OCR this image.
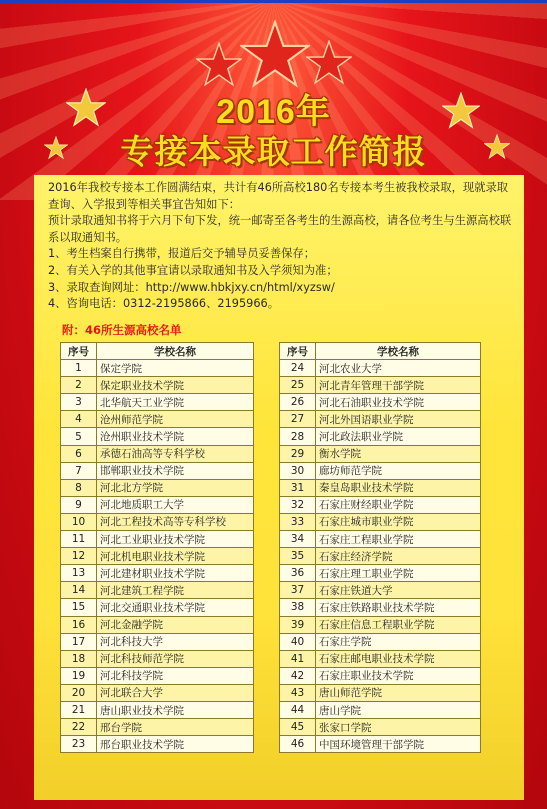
2016年
专接本录取工作简报

2016年我校专接本工作圆满结束，共计有46所高校180名专接本考生被我校录取，现就录取查询、入学报到等相关事宜告知如下：

预计录取通知书将于六月下旬下发，统一邮寄至各考生的生源高校，请各位考生与生源高校联系以取通知书。

1、考生档案自行携带，报道后交予辅导员妥善保存；

2、有关入学的其他事宜请以录取通知书及入学须知为准；

3、录取查询网址：http://www.hbkjxy.cn/html/xyzsw/

4、咨询电话：0312-2195866、2195966。

附：46所生源高校名单
序号	学校名称
1	保定学院
2	保定职业技术学院
3	北华航天工业学院
4	沧州师范学院
5	沧州职业技术学院
6	承德石油高等专科学校
7	邯郸职业技术学院
8	河北北方学院
9	河北地质职工大学
10	河北工程技术高等专科学校
11	河北工业职业技术学院
12	河北机电职业技术学院
13	河北建材职业技术学院
14	河北建筑工程学院
15	河北交通职业技术学院
16	河北金融学院
17	河北科技大学
18	河北科技师范学院
19	河北科技学院
20	河北联合大学
21	唐山职业技术学院
22	邢台学院
23	邢台职业技术学院
序号	学校名称
24	河北农业大学
25	河北青年管理干部学院
26	河北石油职业技术学院
27	河北外国语职业学院
28	河北政法职业学院
29	衡水学院
30	廊坊师范学院
31	秦皇岛职业技术学院
32	石家庄财经职业学院
33	石家庄城市职业学院
34	石家庄工程职业学院
35	石家庄经济学院
36	石家庄理工职业学院
37	石家庄铁道大学
38	石家庄铁路职业技术学院
39	石家庄信息工程职业学院
40	石家庄学院
41	石家庄邮电职业技术学院
42	石家庄职业技术学院
43	唐山师范学院
44	唐山学院
45	张家口学院
46	中国环境管理干部学院
